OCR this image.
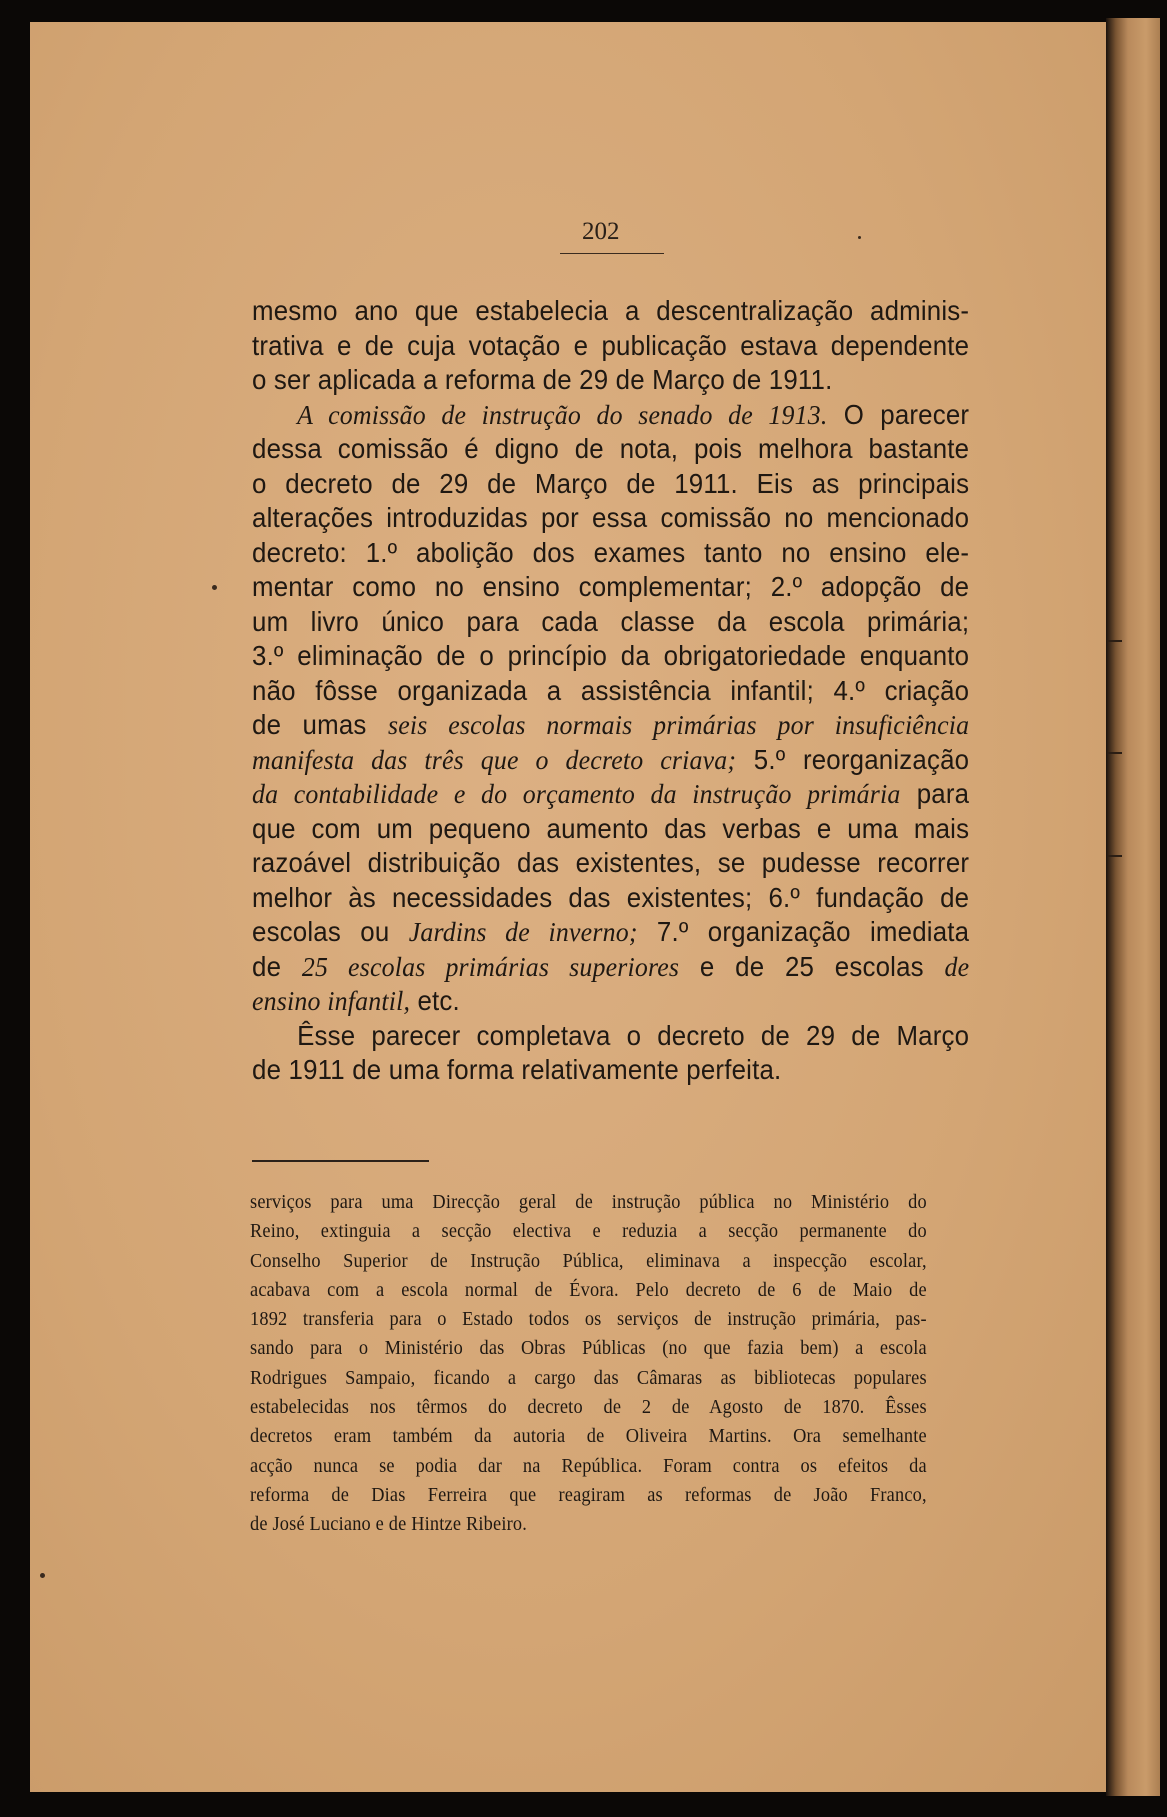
202
mesmo ano que estabelecia a descentralização adminis-
trativa e de cuja votação e publicação estava dependente
o ser aplicada a reforma de 29 de Março de 1911.
A comissão de instrução do senado de 1913. O parecer
dessa comissão é digno de nota, pois melhora bastante
o decreto de 29 de Março de 1911. Eis as principais
alterações introduzidas por essa comissão no mencionado
decreto: 1.º abolição dos exames tanto no ensino ele-
mentar como no ensino complementar; 2.º adopção de
um livro único para cada classe da escola primária;
3.º eliminação de o princípio da obrigatoriedade enquanto
não fôsse organizada a assistência infantil; 4.º criação
de umas seis escolas normais primárias por insuficiência
manifesta das três que o decreto criava; 5.º reorganização
da contabilidade e do orçamento da instrução primária para
que com um pequeno aumento das verbas e uma mais
razoável distribuição das existentes, se pudesse recorrer
melhor às necessidades das existentes; 6.º fundação de
escolas ou Jardins de inverno; 7.º organização imediata
de 25 escolas primárias superiores e de 25 escolas de
ensino infantil, etc.
Êsse parecer completava o decreto de 29 de Março
de 1911 de uma forma relativamente perfeita.
serviços para uma Direcção geral de instrução pública no Ministério do
Reino, extinguia a secção electiva e reduzia a secção permanente do
Conselho Superior de Instrução Pública, eliminava a inspecção escolar,
acabava com a escola normal de Évora. Pelo decreto de 6 de Maio de
1892 transferia para o Estado todos os serviços de instrução primária, pas-
sando para o Ministério das Obras Públicas (no que fazia bem) a escola
Rodrigues Sampaio, ficando a cargo das Câmaras as bibliotecas populares
estabelecidas nos têrmos do decreto de 2 de Agosto de 1870. Êsses
decretos eram também da autoria de Oliveira Martins. Ora semelhante
acção nunca se podia dar na República. Foram contra os efeitos da
reforma de Dias Ferreira que reagiram as reformas de João Franco,
de José Luciano e de Hintze Ribeiro.
